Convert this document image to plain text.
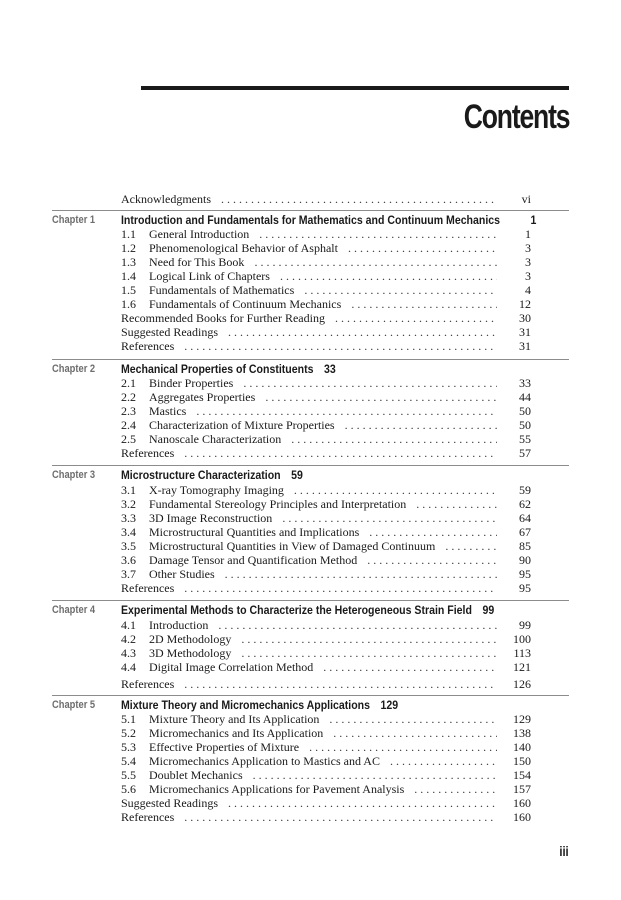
Contents
Acknowledgments . . .	vi
Chapter 1	Introduction and Fundamentals for Mathematics and Continuum Mechanics	1
1.1	General Introduction . . .	1
1.2	Phenomenological Behavior of Asphalt . . .	3
1.3	Need for This Book . . .	3
1.4	Logical Link of Chapters . . .	3
1.5	Fundamentals of Mathematics . . .	4
1.6	Fundamentals of Continuum Mechanics . . .	12
Recommended Books for Further Reading . . .	30
Suggested Readings . . .	31
References . . .	31
Chapter 2	Mechanical Properties of Constituents 33
2.1	Binder Properties . . .	33
2.2	Aggregates Properties . . .	44
2.3	Mastics . . .	50
2.4	Characterization of Mixture Properties . . .	50
2.5	Nanoscale Characterization . . .	55
References . . .	57
Chapter 3	Microstructure Characterization 59
3.1	X-ray Tomography Imaging . . .	59
3.2	Fundamental Stereology Principles and Interpretation . . .	62
3.3	3D Image Reconstruction . . .	64
3.4	Microstructural Quantities and Implications . . .	67
3.5	Microstructural Quantities in View of Damaged Continuum . . .	85
3.6	Damage Tensor and Quantification Method . . .	90
3.7	Other Studies . . .	95
References . . .	95
Chapter 4	Experimental Methods to Characterize the Heterogeneous Strain Field 99
4.1	Introduction . . .	99
4.2	2D Methodology . . .	100
4.3	3D Methodology . . .	113
4.4	Digital Image Correlation Method . . .	121
References . . .	126
Chapter 5	Mixture Theory and Micromechanics Applications 129
5.1	Mixture Theory and Its Application . . .	129
5.2	Micromechanics and Its Application . . .	138
5.3	Effective Properties of Mixture . . .	140
5.4	Micromechanics Application to Mastics and AC . . .	150
5.5	Doublet Mechanics . . .	154
5.6	Micromechanics Applications for Pavement Analysis . . .	157
Suggested Readings . . .	160
References . . .	160
iii
